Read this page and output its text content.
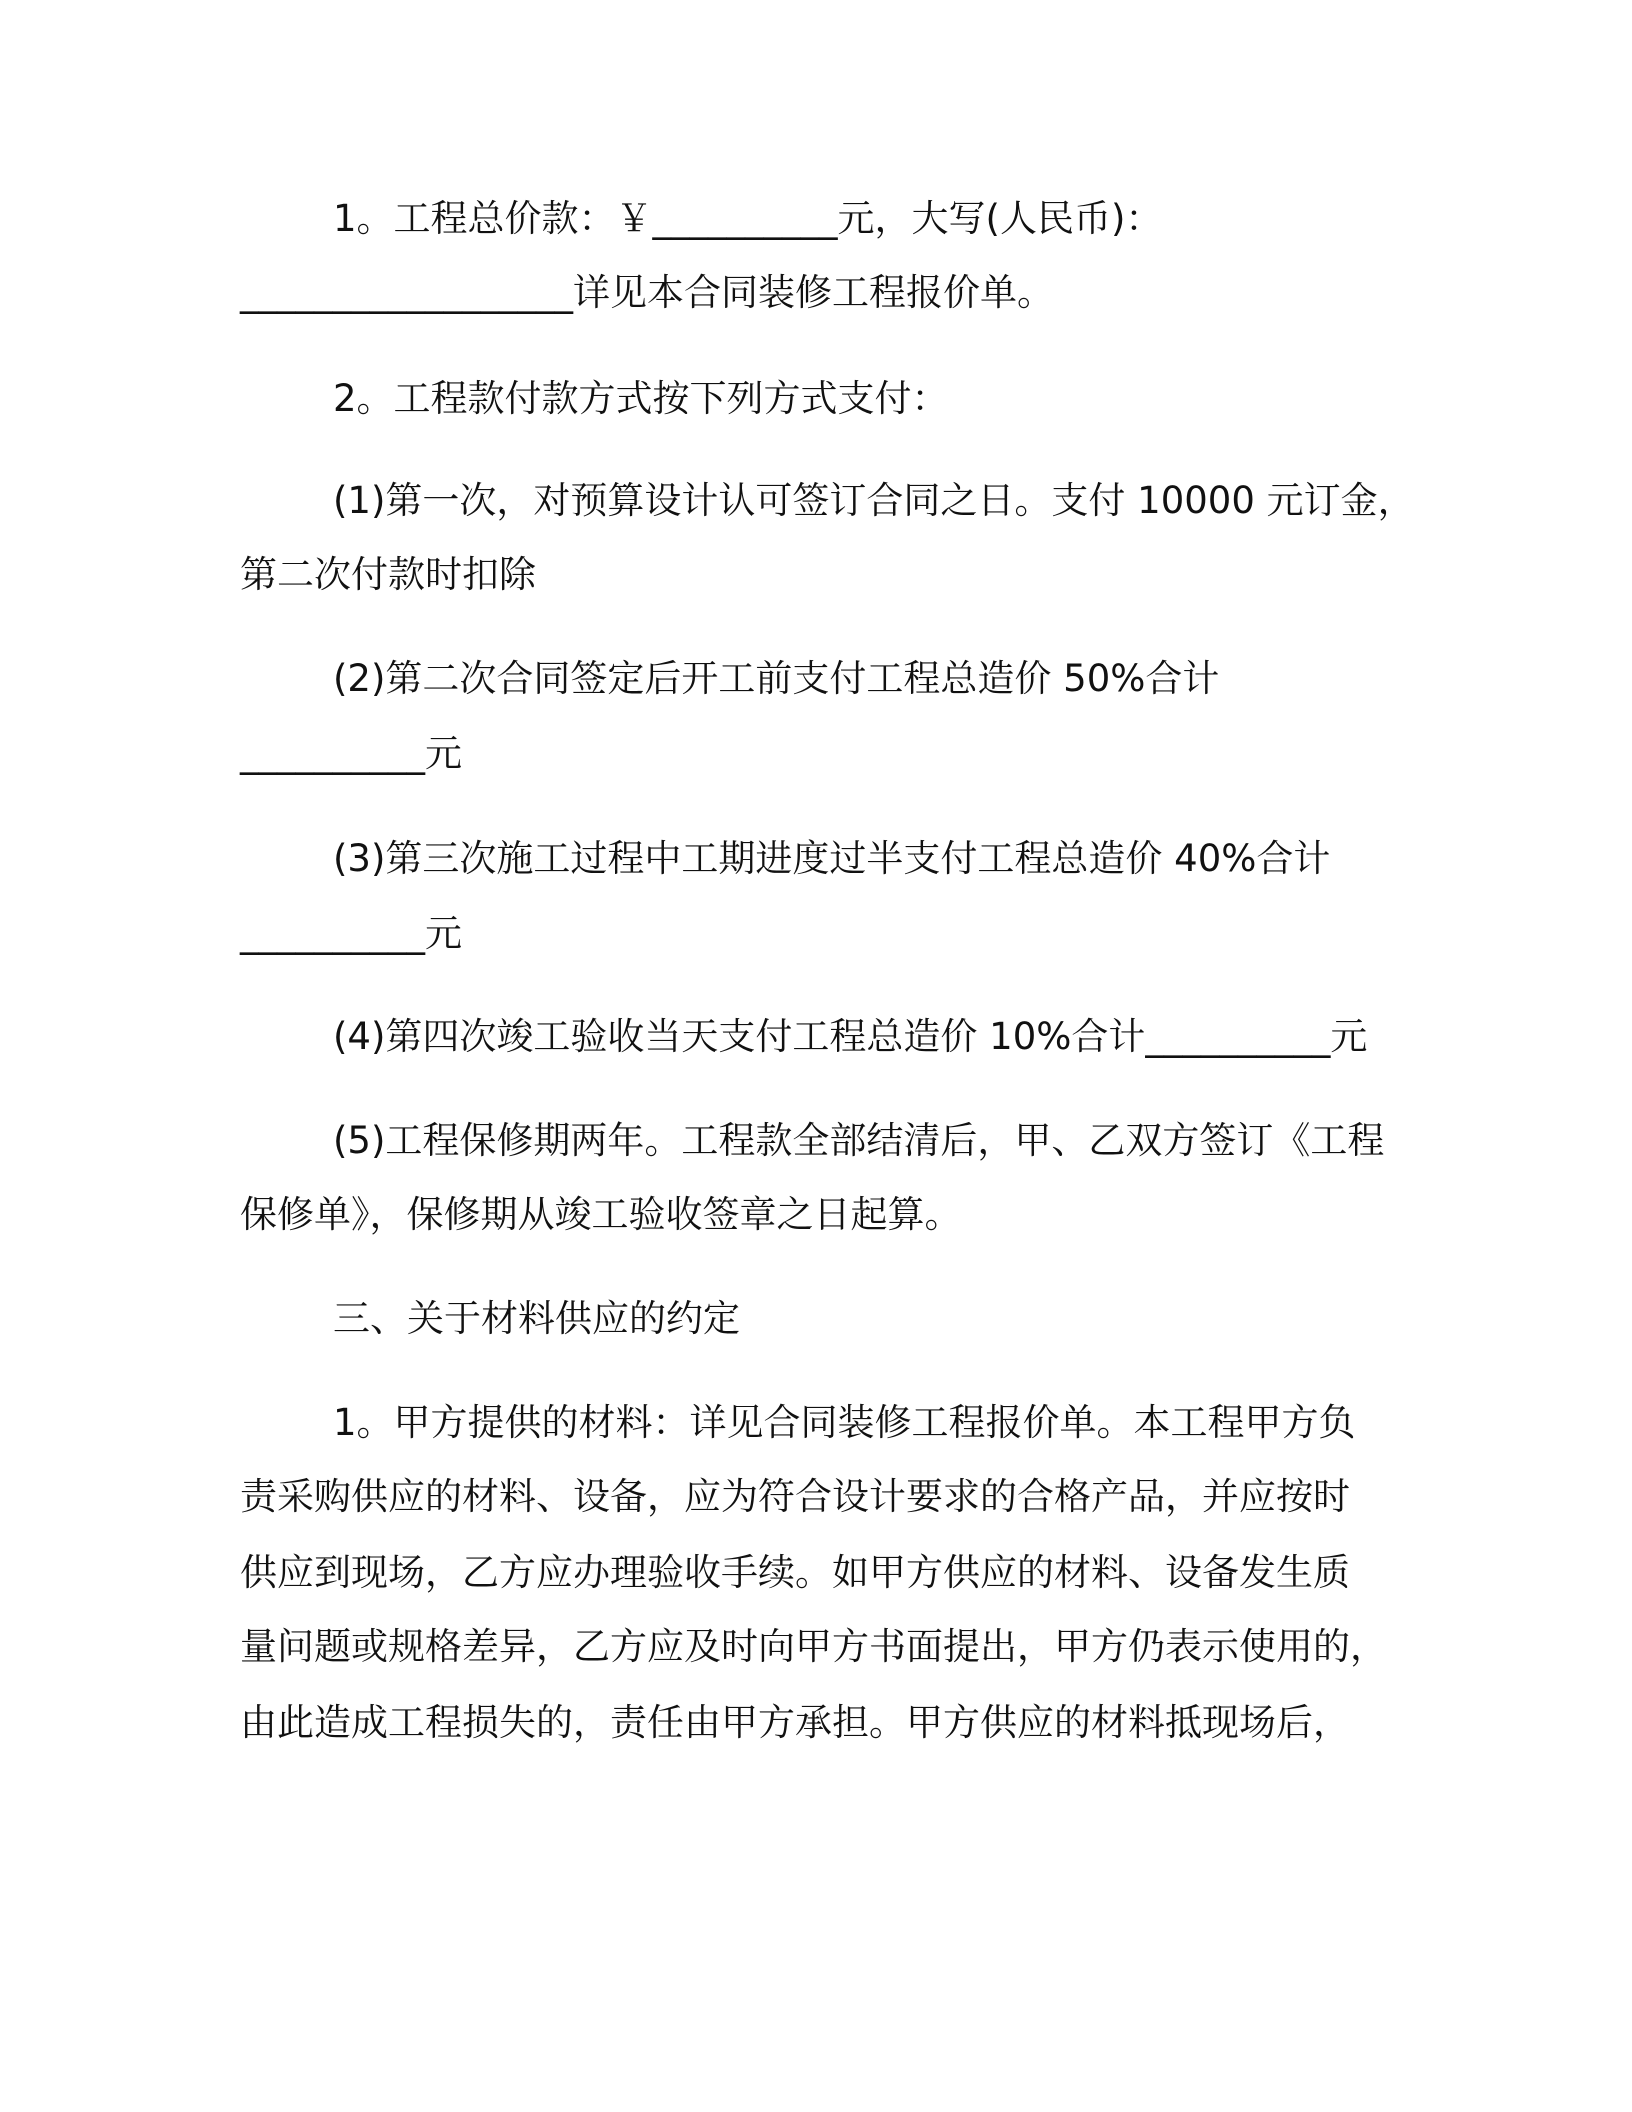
1。工程总价款：￥__________元，大写(人民币)：
__________________详见本合同装修工程报价单。
2。工程款付款方式按下列方式支付：
(1)第一次，对预算设计认可签订合同之日。支付 10000 元订金，
第二次付款时扣除
(2)第二次合同签定后开工前支付工程总造价 50%合计
__________元
(3)第三次施工过程中工期进度过半支付工程总造价 40%合计
__________元
(4)第四次竣工验收当天支付工程总造价 10%合计__________元
(5)工程保修期两年。工程款全部结清后，甲、乙双方签订《工程
保修单》，保修期从竣工验收签章之日起算。
三、关于材料供应的约定
1。甲方提供的材料：详见合同装修工程报价单。本工程甲方负
责采购供应的材料、设备，应为符合设计要求的合格产品，并应按时
供应到现场，乙方应办理验收手续。如甲方供应的材料、设备发生质
量问题或规格差异，乙方应及时向甲方书面提出，甲方仍表示使用的，
由此造成工程损失的，责任由甲方承担。甲方供应的材料抵现场后，
